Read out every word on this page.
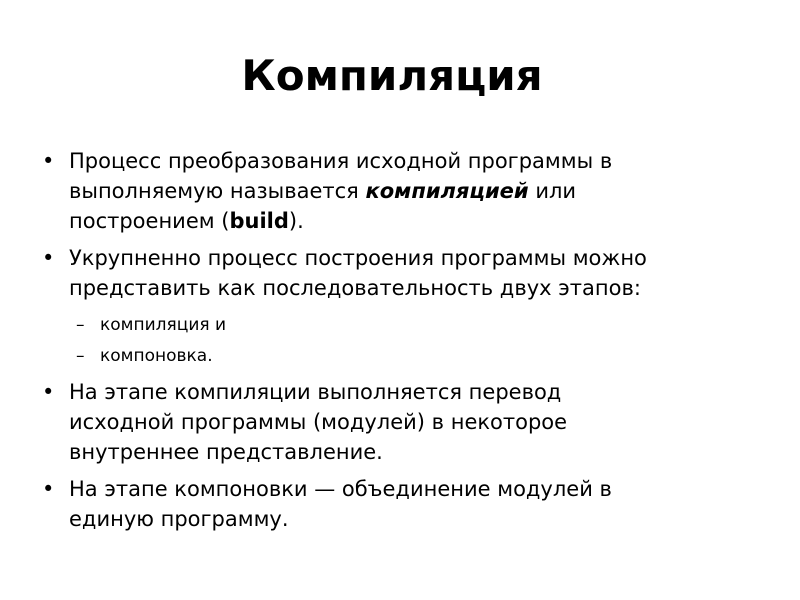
Компиляция
• Процесс преобразования исходной программы в
выполняемую называется компиляцией или
построением (build).
• Укрупненно процесс построения программы можно
представить как последовательность двух этапов:
– компиляция и
– компоновка.
• На этапе компиляции выполняется перевод
исходной программы (модулей) в некоторое
внутреннее представление.
• На этапе компоновки — объединение модулей в
единую программу.
